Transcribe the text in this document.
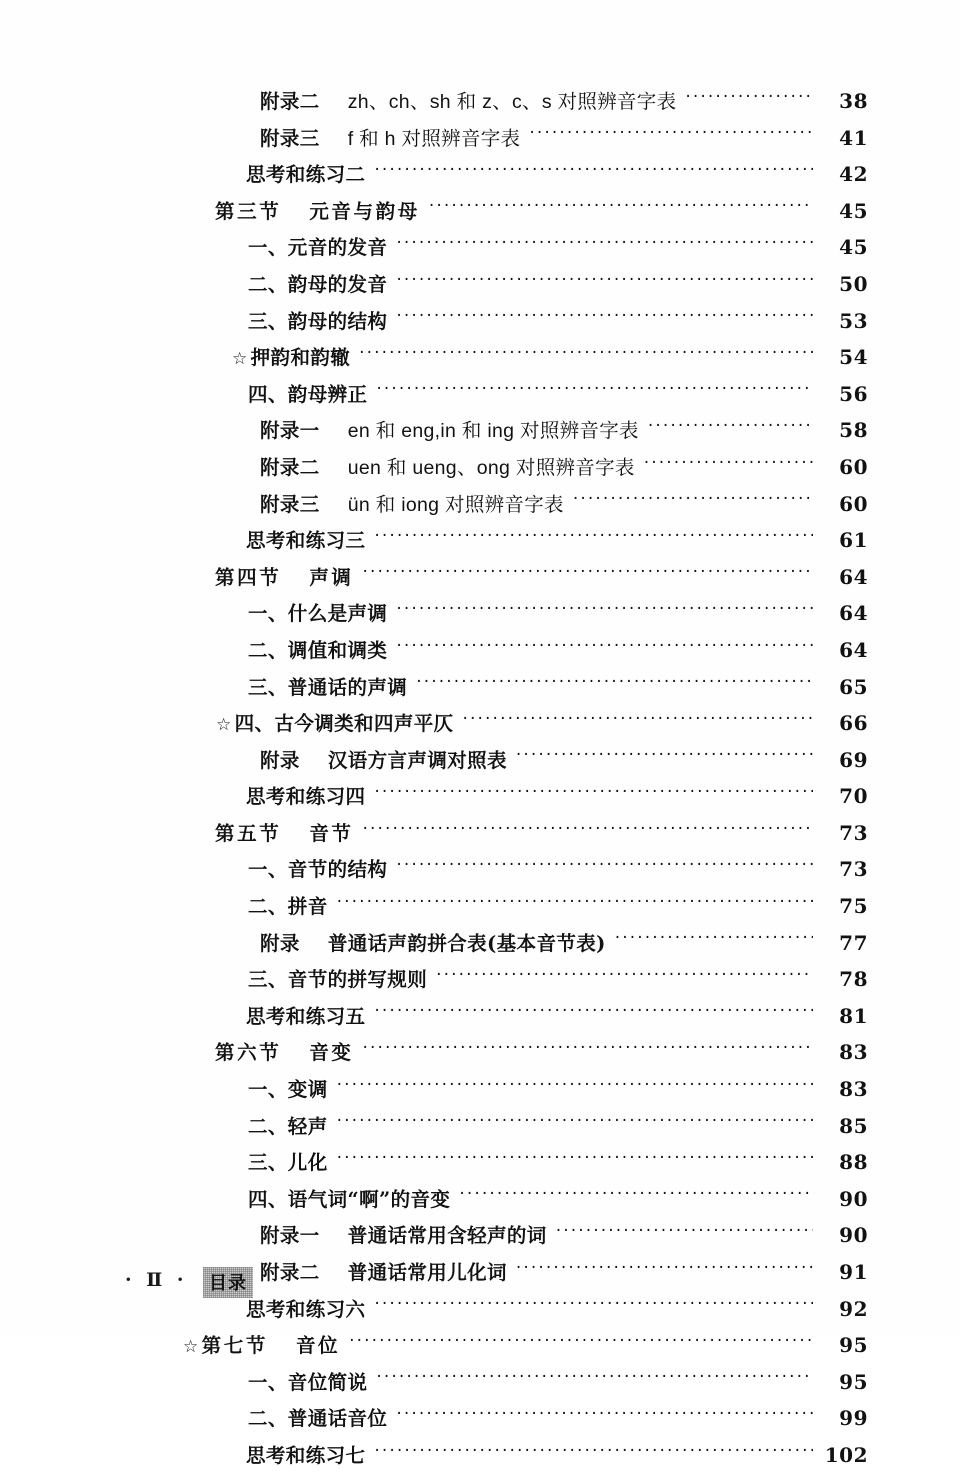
附录二 zh、ch、sh 和 z、c、s 对照辨音字表 ·····	38
附录三 f 和 h 对照辨音字表 ·····	41
思考和练习二 ·····	42
第三节 元音与韵母 ·····	45
一、元音的发音 ·····	45
二、韵母的发音 ·····	50
三、韵母的结构 ·····	53
☆ 押韵和韵辙 ·····	54
四、韵母辨正 ·····	56
附录一 en 和 eng,in 和 ing 对照辨音字表 ·····	58
附录二 uen 和 ueng、ong 对照辨音字表 ·····	60
附录三 ün 和 iong 对照辨音字表 ·····	60
思考和练习三 ·····	61
第四节 声调 ·····	64
一、什么是声调 ·····	64
二、调值和调类 ·····	64
三、普通话的声调 ·····	65
☆ 四、古今调类和四声平仄 ·····	66
附录 汉语方言声调对照表 ·····	69
思考和练习四 ·····	70
第五节 音节 ·····	73
一、音节的结构 ·····	73
二、拼音 ·····	75
附录 普通话声韵拼合表(基本音节表) ·····	77
三、音节的拼写规则 ·····	78
思考和练习五 ·····	81
第六节 音变 ·····	83
一、变调 ·····	83
二、轻声 ·····	85
三、儿化 ·····	88
四、语气词“啊”的音变 ·····	90
附录一 普通话常用含轻声的词 ·····	90
附录二 普通话常用儿化词 ·····	91
思考和练习六 ·····	92
☆ 第七节 音位 ·····	95
一、音位简说 ·····	95
二、普通话音位 ·····	99
思考和练习七 ·····	102
· Ⅱ ·	目录
